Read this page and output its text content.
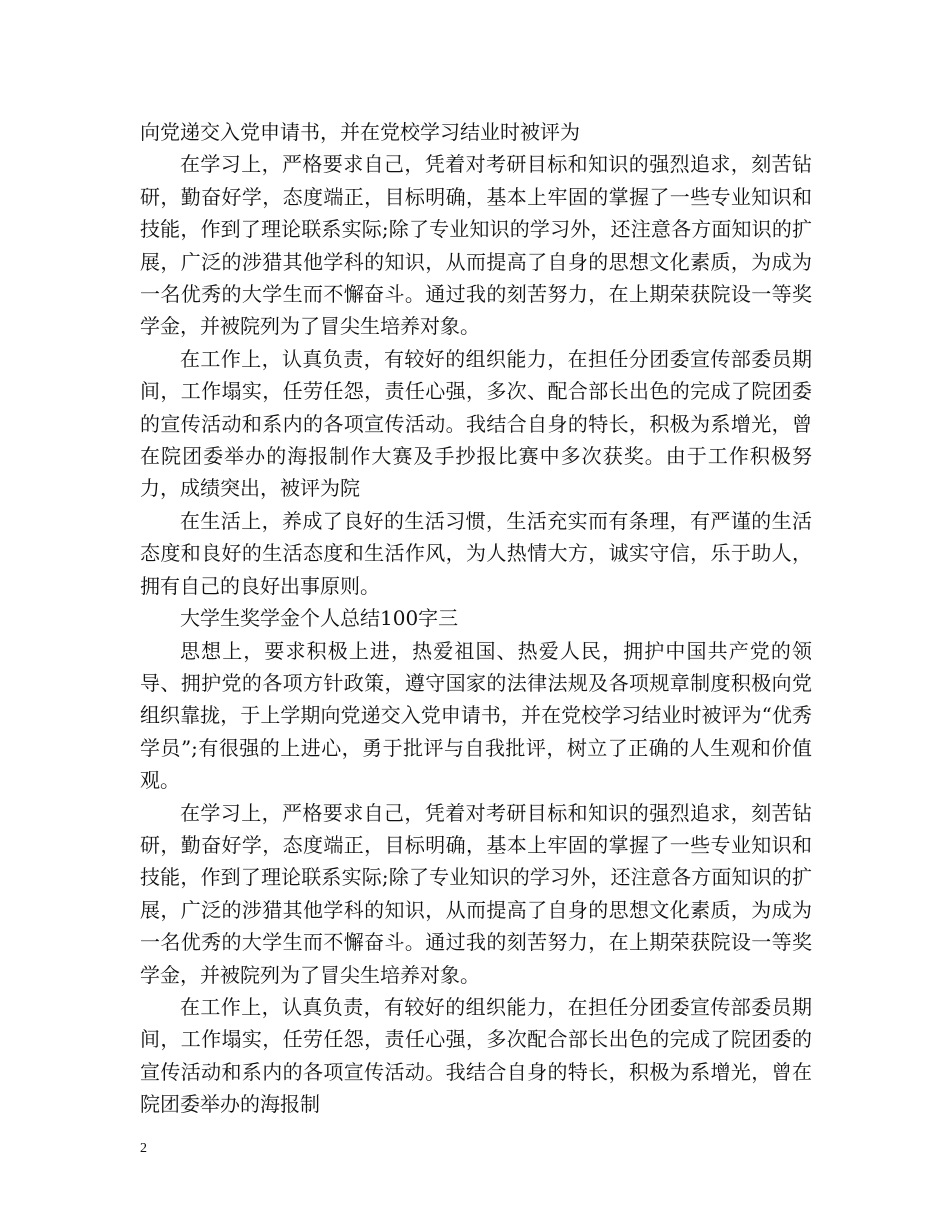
向党递交入党申请书，并在党校学习结业时被评为

在学习上，严格要求自己，凭着对考研目标和知识的强烈追求，刻苦钻研，勤奋好学，态度端正，目标明确，基本上牢固的掌握了一些专业知识和技能，作到了理论联系实际;除了专业知识的学习外，还注意各方面知识的扩展，广泛的涉猎其他学科的知识，从而提高了自身的思想文化素质，为成为一名优秀的大学生而不懈奋斗。通过我的刻苦努力，在上期荣获院设一等奖学金，并被院列为了冒尖生培养对象。

在工作上，认真负责，有较好的组织能力，在担任分团委宣传部委员期间，工作塌实，任劳任怨，责任心强，多次、配合部长出色的完成了院团委的宣传活动和系内的各项宣传活动。我结合自身的特长，积极为系增光，曾在院团委举办的海报制作大赛及手抄报比赛中多次获奖。由于工作积极努力，成绩突出，被评为院

在生活上，养成了良好的生活习惯，生活充实而有条理，有严谨的生活态度和良好的生活态度和生活作风，为人热情大方，诚实守信，乐于助人，拥有自己的良好出事原则。

大学生奖学金个人总结100字三

思想上，要求积极上进，热爱祖国、热爱人民，拥护中国共产党的领导、拥护党的各项方针政策，遵守国家的法律法规及各项规章制度积极向党组织靠拢，于上学期向党递交入党申请书，并在党校学习结业时被评为“优秀学员”;有很强的上进心，勇于批评与自我批评，树立了正确的人生观和价值观。

在学习上，严格要求自己，凭着对考研目标和知识的强烈追求，刻苦钻研，勤奋好学，态度端正，目标明确，基本上牢固的掌握了一些专业知识和技能，作到了理论联系实际;除了专业知识的学习外，还注意各方面知识的扩展，广泛的涉猎其他学科的知识，从而提高了自身的思想文化素质，为成为一名优秀的大学生而不懈奋斗。通过我的刻苦努力，在上期荣获院设一等奖学金，并被院列为了冒尖生培养对象。

在工作上，认真负责，有较好的组织能力，在担任分团委宣传部委员期间，工作塌实，任劳任怨，责任心强，多次配合部长出色的完成了院团委的宣传活动和系内的各项宣传活动。我结合自身的特长，积极为系增光，曾在院团委举办的海报制

2
